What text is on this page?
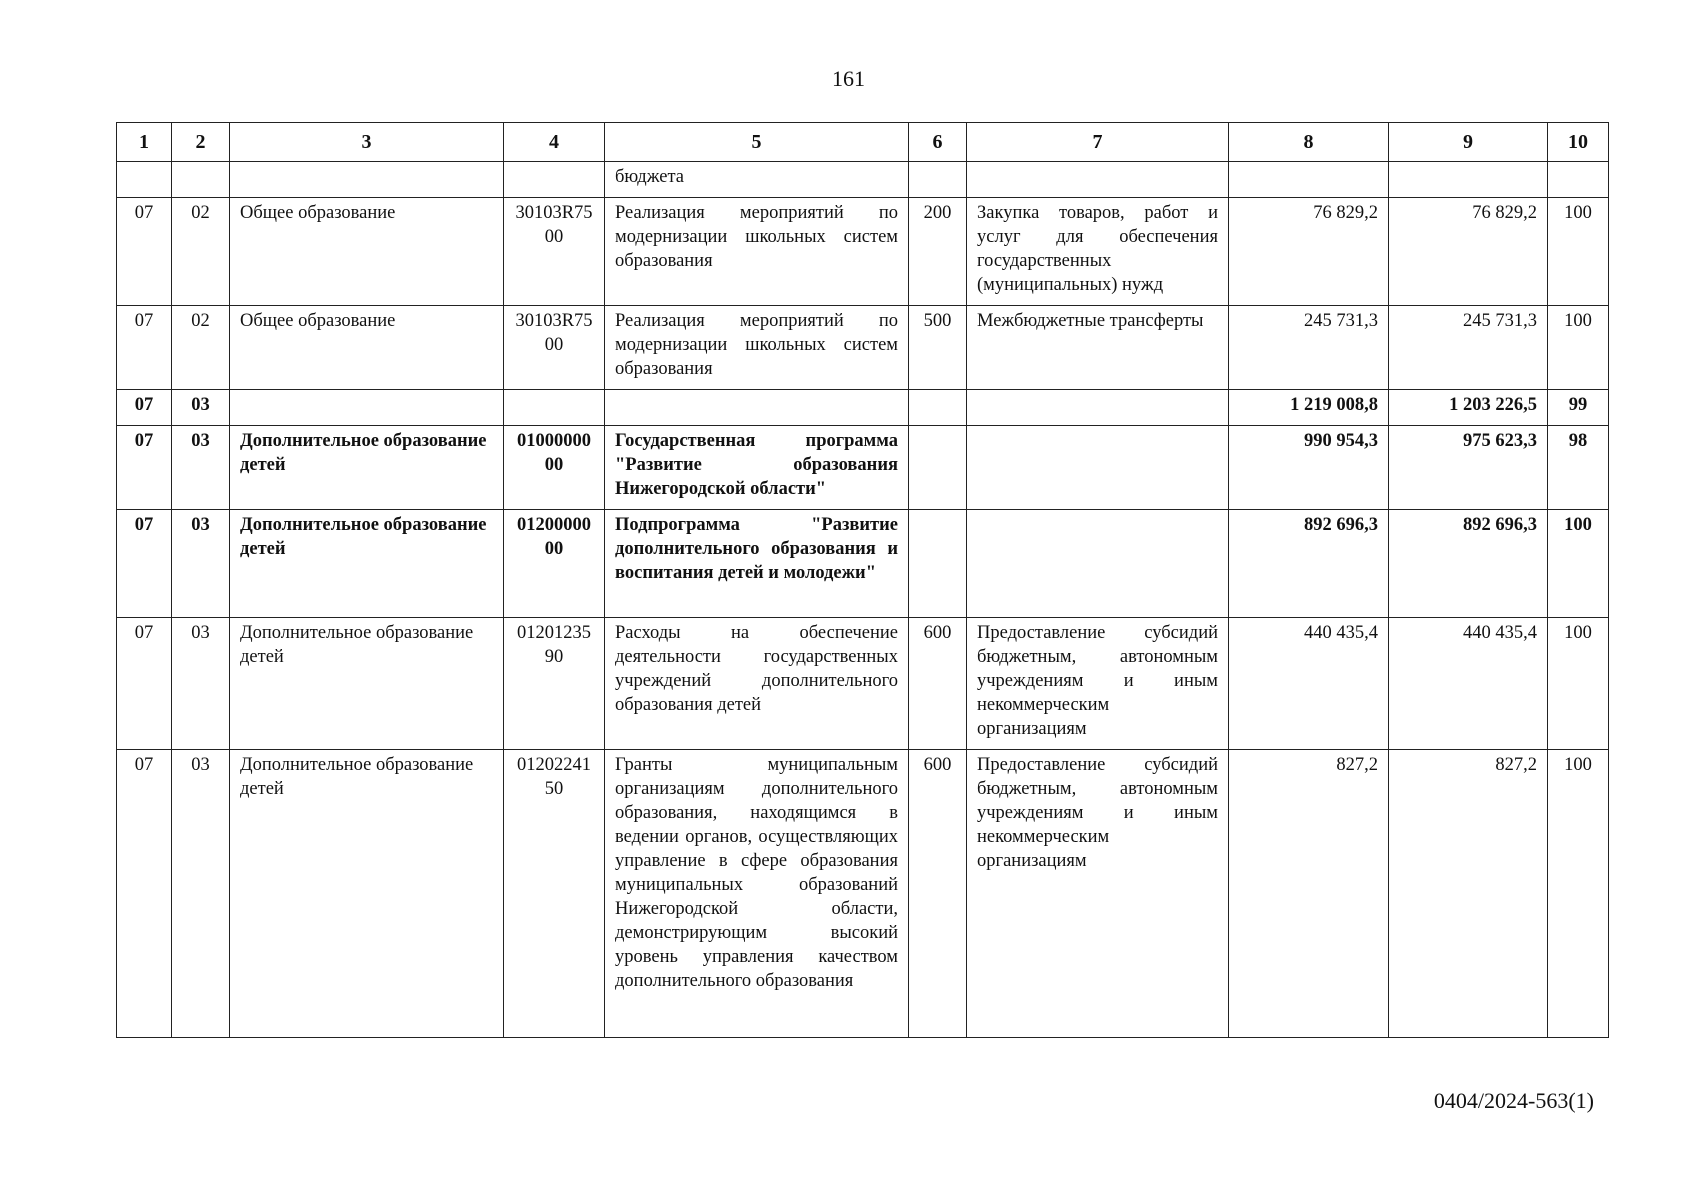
161
1	2	3	4	5	6	7	8	9	10
				бюджета					
07	02	Общее образование	30103R7500	Реализация мероприятий по модернизации школьных систем образования	200	Закупка товаров, работ и услуг для обеспечения государственных (муниципальных) нужд	76 829,2	76 829,2	100
07	02	Общее образование	30103R7500	Реализация мероприятий по модернизации школьных систем образования	500	Межбюджетные трансферты	245 731,3	245 731,3	100
07	03						1 219 008,8	1 203 226,5	99
07	03	Дополнительное образование детей	0100000000	Государственная программа "Развитие образования Нижегородской области"			990 954,3	975 623,3	98
07	03	Дополнительное образование детей	0120000000	Подпрограмма "Развитие дополнительного образования и воспитания детей и молодежи"			892 696,3	892 696,3	100
07	03	Дополнительное образование детей	0120123590	Расходы на обеспечение деятельности государственных учреждений дополнительного образования детей	600	Предоставление субсидий бюджетным, автономным учреждениям и иным некоммерческим организациям	440 435,4	440 435,4	100
07	03	Дополнительное образование детей	0120224150	Гранты муниципальным организациям дополнительного образования, находящимся в ведении органов, осуществляющих управление в сфере образования муниципальных образований Нижегородской области, демонстрирующим высокий уровень управления качеством дополнительного образования	600	Предоставление субсидий бюджетным, автономным учреждениям и иным некоммерческим организациям	827,2	827,2	100
0404/2024-563(1)
